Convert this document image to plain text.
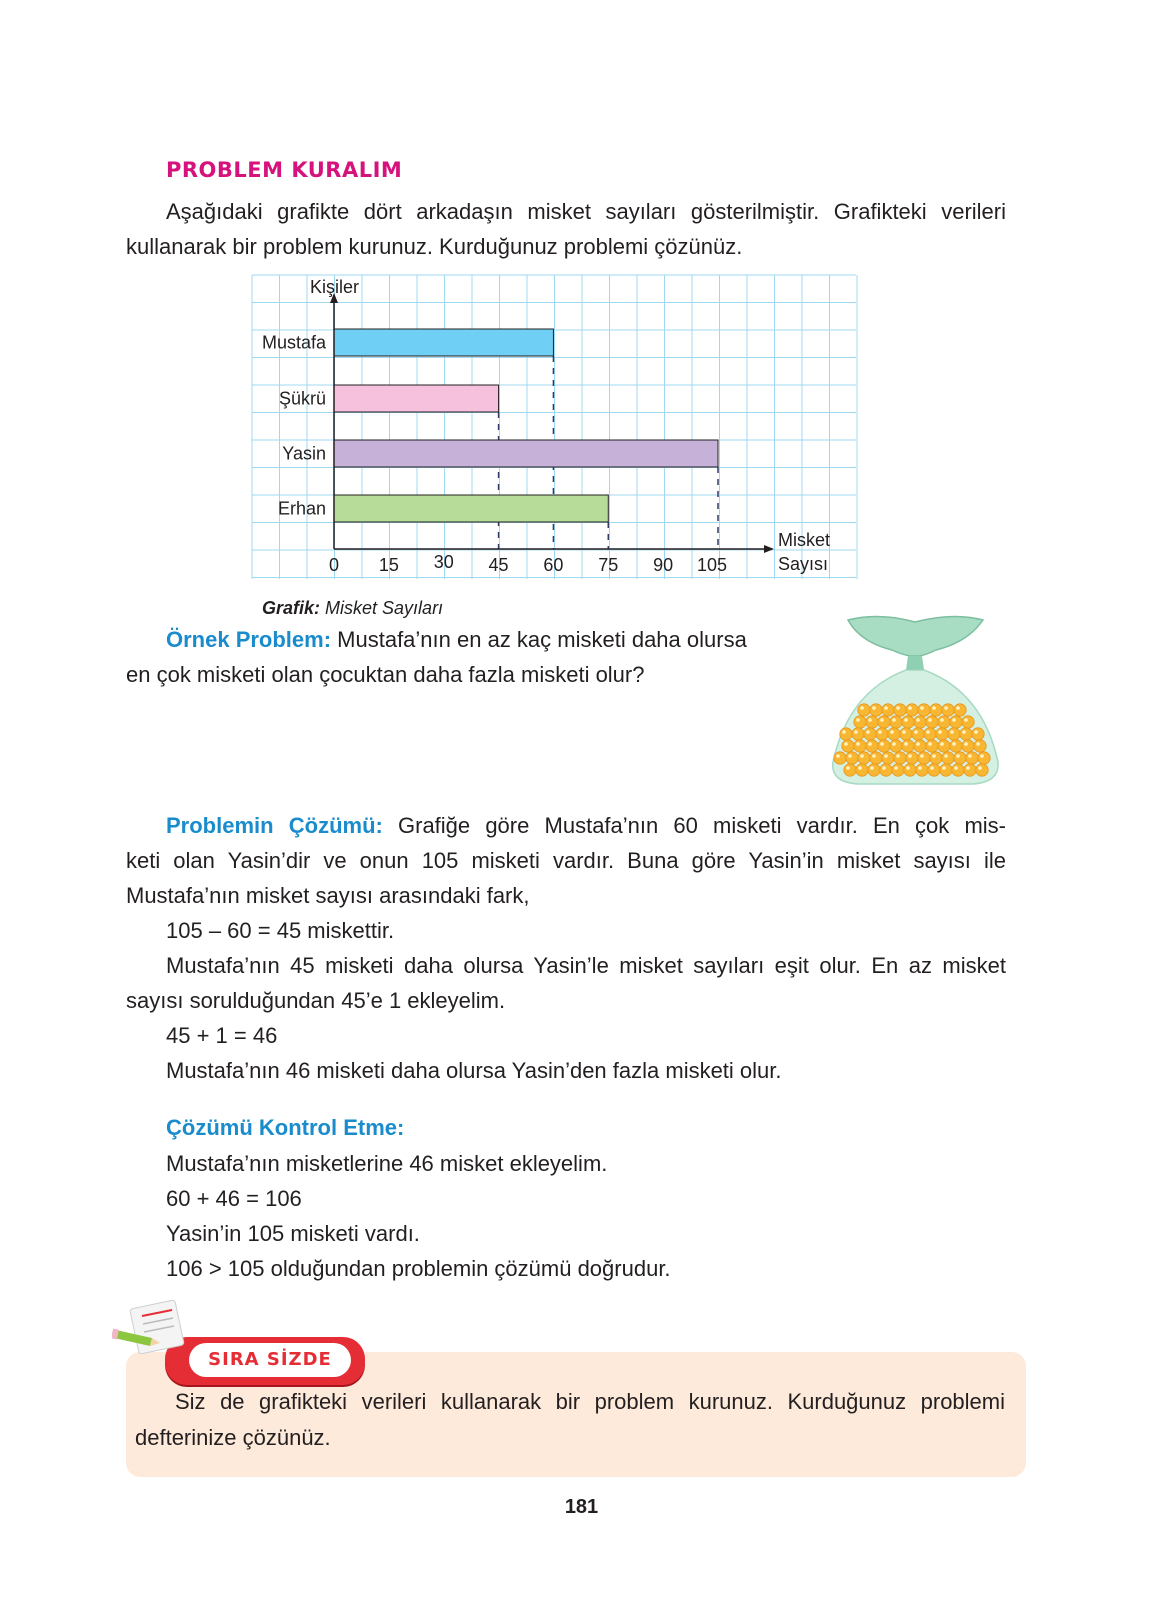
PROBLEM KURALIM
Aşağıdaki grafikte dört arkadaşın misket sayıları gösterilmiştir. Grafikteki verileri
kullanarak bir problem kurunuz. Kurduğunuz problemi çözünüz.
Mustafa
Şükrü
Yasin
Erhan
0 15 30 45 60 75 90 105
Kişiler
Misket
Sayısı
Grafik: Misket Sayıları
Örnek Problem: Mustafa’nın en az kaç misketi daha olursa
en çok misketi olan çocuktan daha fazla misketi olur?
Problemin Çözümü: Grafiğe göre Mustafa’nın 60 misketi vardır. En çok mis-
keti olan Yasin’dir ve onun 105 misketi vardır. Buna göre Yasin’in misket sayısı ile
Mustafa’nın misket sayısı arasındaki fark,
105 – 60 = 45 miskettir.
Mustafa’nın 45 misketi daha olursa Yasin’le misket sayıları eşit olur. En az misket
sayısı sorulduğundan 45’e 1 ekleyelim.
45 + 1 = 46
Mustafa’nın 46 misketi daha olursa Yasin’den fazla misketi olur.
Çözümü Kontrol Etme:
Mustafa’nın misketlerine 46 misket ekleyelim.
60 + 46 = 106
Yasin’in 105 misketi vardı.
106 > 105 olduğundan problemin çözümü doğrudur.
SIRA SİZDE
Siz de grafikteki verileri kullanarak bir problem kurunuz. Kurduğunuz problemi
defterinize çözünüz.
181
